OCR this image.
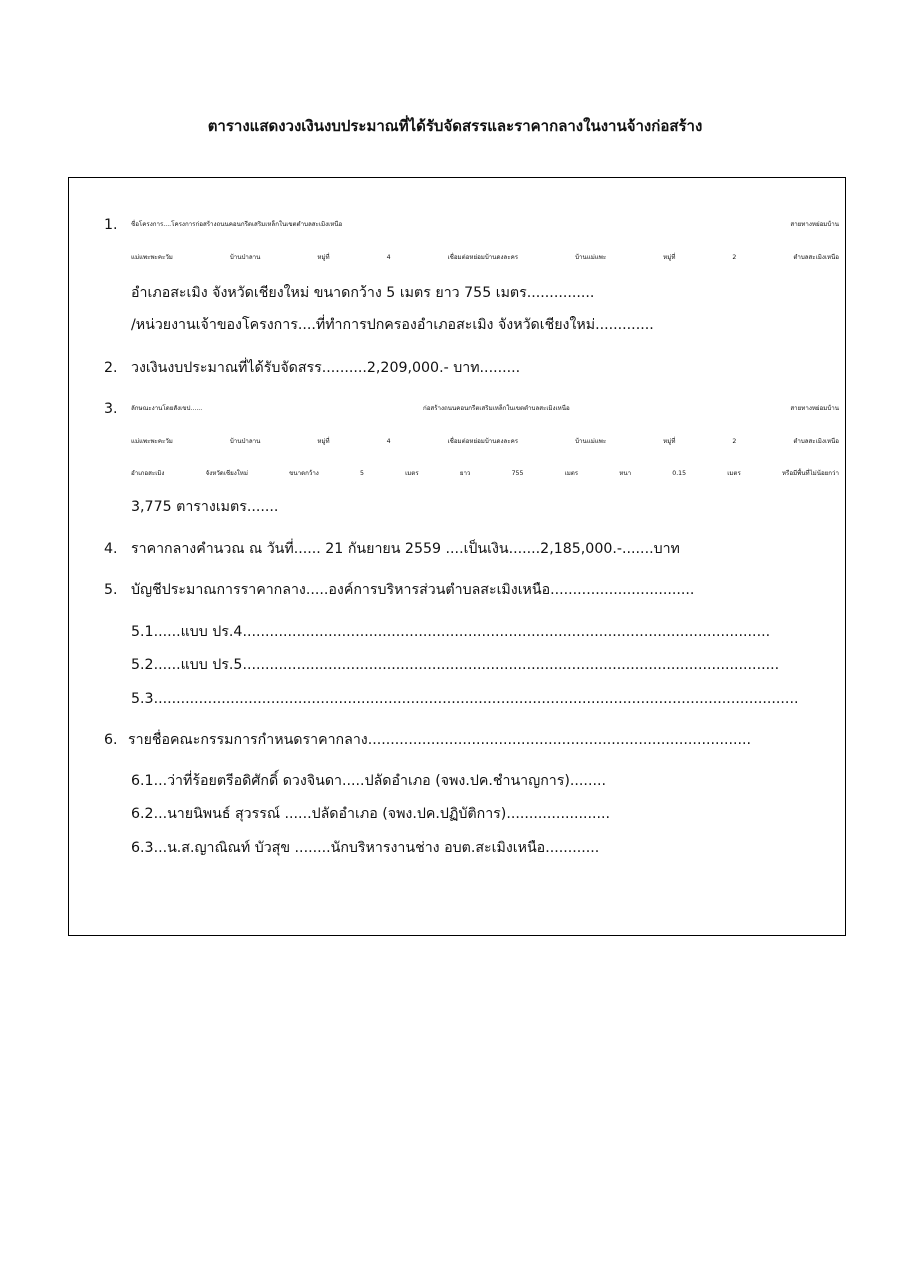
ตารางแสดงวงเงินงบประมาณที่ได้รับจัดสรรและราคากลางในงานจ้างก่อสร้าง
1.	ชื่อโครงการ....โครงการก่อสร้างถนนคอนกรีตเสริมเหล็กในเขตตำบลสะเมิงเหนือ สายทางหย่อมบ้าน
แม่แพะพะคะวัม บ้านป่าลาน หมู่ที่ 4 เชื่อมต่อหย่อมบ้านดงละคร บ้านแม่แพะ หมู่ที่ 2 ตำบลสะเมิงเหนือ
อำเภอสะเมิง จังหวัดเชียงใหม่ ขนาดกว้าง 5 เมตร ยาว 755 เมตร...............
/หน่วยงานเจ้าของโครงการ....ที่ทำการปกครองอำเภอสะเมิง จังหวัดเชียงใหม่.............
2. วงเงินงบประมาณที่ได้รับจัดสรร..........2,209,000.- บาท.........
3.	ลักษณะงานโดยสังเขป...... ก่อสร้างถนนคอนกรีตเสริมเหล็กในเขตตำบลสะเมิงเหนือ สายทางหย่อมบ้าน
แม่แพะพะคะวัม บ้านป่าลาน หมู่ที่ 4 เชื่อมต่อหย่อมบ้านดงละคร บ้านแม่แพะ หมู่ที่ 2 ตำบลสะเมิงเหนือ
อำเภอสะเมิง จังหวัดเชียงใหม่ ขนาดกว้าง 5 เมตร ยาว 755 เมตร หนา 0.15 เมตร หรือมีพื้นที่ไม่น้อยกว่า
3,775 ตารางเมตร.......
4. ราคากลางคำนวณ ณ วันที่...... 21 กันยายน 2559 ....เป็นเงิน.......2,185,000.-.......บาท
5. บัญชีประมาณการราคากลาง.....องค์การบริหารส่วนตำบลสะเมิงเหนือ................................
5.1......แบบ ปร.4.....................................................................................................................
5.2......แบบ ปร.5.......................................................................................................................
5.3...............................................................................................................................................
6. รายชื่อคณะกรรมการกำหนดราคากลาง.....................................................................................
6.1...ว่าที่ร้อยตรีอดิศักดิ์ ดวงจินดา.....ปลัดอำเภอ (จพง.ปค.ชำนาญการ)........
6.2...นายนิพนธ์ สุวรรณ์ ......ปลัดอำเภอ (จพง.ปค.ปฏิบัติการ).......................
6.3...น.ส.ญาณิณท์ บัวสุข ........นักบริหารงานช่าง อบต.สะเมิงเหนือ............
